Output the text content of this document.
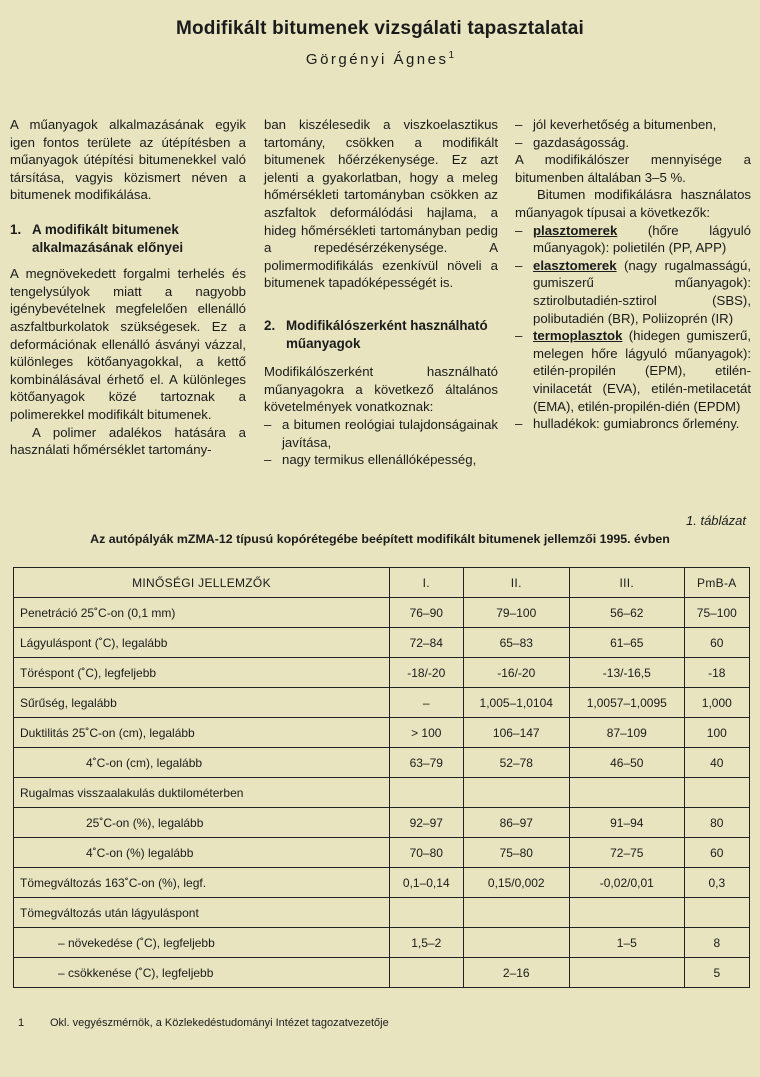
Modifikált bitumenek vizsgálati tapasztalatai
Görgényi Ágnes$^1$

A műanyagok alkalmazásának egyik igen fontos területe az útépítésben a műanyagok útépítési bitumenekkel való társítása, vagyis közismert néven a bitumenek modifikálása.

1. A modifikált bitumenek alkalmazásának előnyei

A megnövekedett forgalmi terhelés és tengelysúlyok miatt a nagyobb igénybevételnek megfelelően ellenálló aszfaltburkolatok szükségesek. Ez a deformációnak ellenálló ásványi vázzal, különleges kötőanyagokkal, a kettő kombinálásával érhető el. A különleges kötőanyagok közé tartoznak a polimerekkel modifikált bitumenek.

A polimer adalékos hatására a használati hőmérséklet tartomány-

ban kiszélesedik a viszkoelasztikus tartomány, csökken a modifikált bitumenek hőérzékenysége. Ez azt jelenti a gyakorlatban, hogy a meleg hőmérsékleti tartományban csökken az aszfaltok deformálódási hajlama, a hideg hőmérsékleti tartományban pedig a repedésérzékenysége. A polimermodifikálás ezenkívül növeli a bitumenek tapadóképességét is.

2. Modifikálószerként használható műanyagok

Modifikálószerként használható műanyagokra a következő általános követelmények vonatkoznak:

– a bitumen reológiai tulajdonságainak javítása,
– nagy termikus ellenállóképesség,
– jól keverhetőség a bitumenben,
– gazdaságosság.

A modifikálószer mennyisége a bitumenben általában 3–5 %.

Bitumen modifikálásra használatos műanyagok típusai a következők:

– plasztomerek (hőre lágyuló műanyagok): polietilén (PP, APP)
– elasztomerek (nagy rugalmasságú, gumiszerű műanyagok): sztirolbutadién-sztirol (SBS), polibutadién (BR), Poliizoprén (IR)
– termoplasztok (hidegen gumiszerű, melegen hőre lágyuló műanyagok): etilén-propilén (EPM), etilén-vinilacetát (EVA), etilén-metilacetát (EMA), etilén-propilén-dién (EPDM)
– hulladékok: gumiabroncs őrlemény.
1. táblázat
Az autópályák mZMA-12 típusú kopórétegébe beépített modifikált bitumenek jellemzői 1995. évben
MINŐSÉGI JELLEMZŐK	I.	II.	III.	PmB-A
Penetráció 25˚C-on (0,1 mm)	76–90	79–100	56–62	75–100
Lágyuláspont (˚C), legalább	72–84	65–83	61–65	60
Töréspont (˚C), legfeljebb	-18/-20	-16/-20	-13/-16,5	-18
Sűrűség, legalább	–	1,005–1,0104	1,0057–1,0095	1,000
Duktilitás 25˚C-on (cm), legalább	> 100	106–147	87–109	100
4˚C-on (cm), legalább	63–79	52–78	46–50	40
Rugalmas visszaalakulás duktilométerben				
25˚C-on (%), legalább	92–97	86–97	91–94	80
4˚C-on (%) legalább	70–80	75–80	72–75	60
Tömegváltozás 163˚C-on (%), legf.	0,1–0,14	0,15/0,002	-0,02/0,01	0,3
Tömegváltozás után lágyuláspont				
– növekedése (˚C), legfeljebb	1,5–2		1–5	8
– csökkenése (˚C), legfeljebb		2–16		5
1 Okl. vegyészmérnök, a Közlekedéstudományi Intézet tagozatvezetője
